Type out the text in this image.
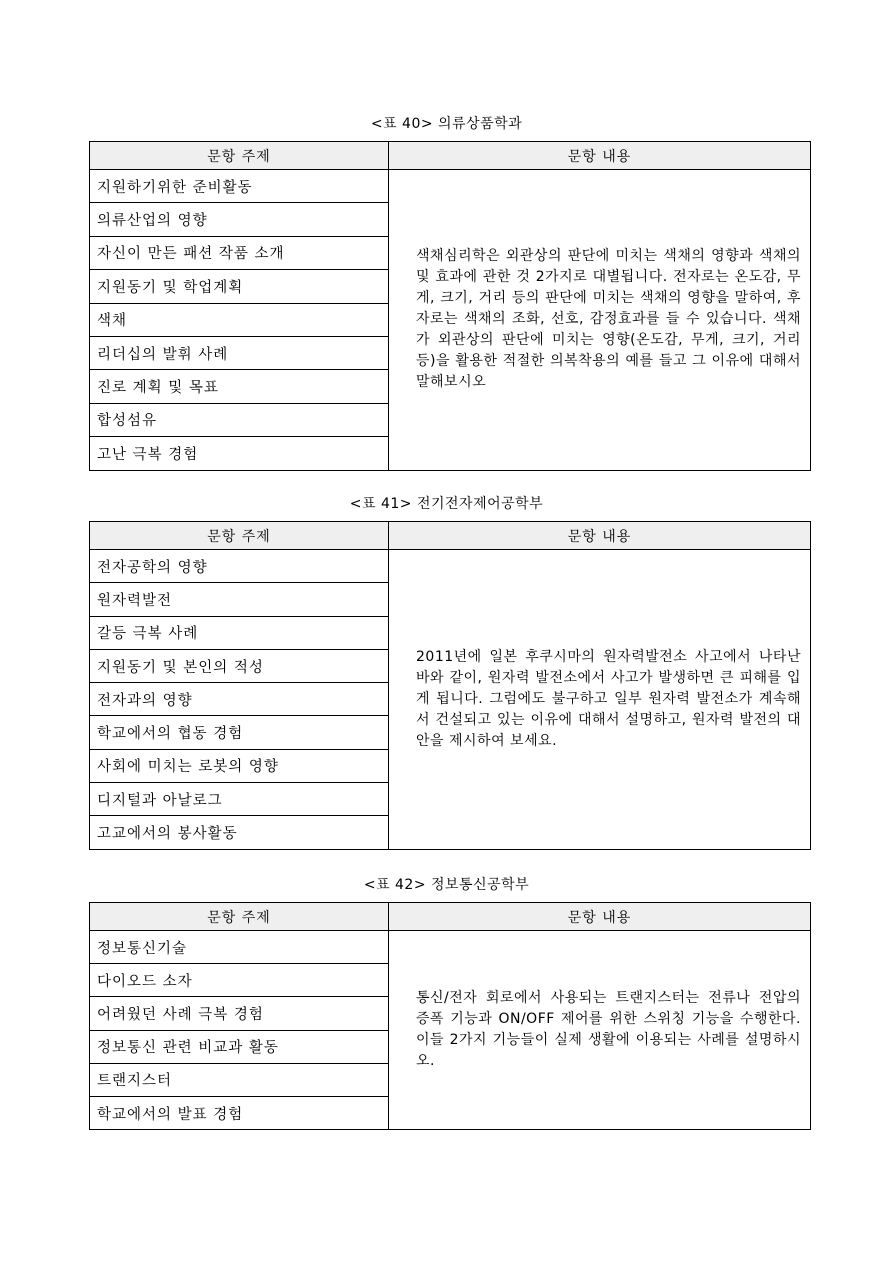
<표 40> 의류상품학과
문항 주제	문항 내용
지원하기위한 준비활동	색채심리학은 외관상의 판단에 미치는 색채의 영향과 색채의 및 효과에 관한 것 2가지로 대별됩니다. 전자로는 온도감, 무게, 크기, 거리 등의 판단에 미치는 색채의 영향을 말하여, 후자로는 색채의 조화, 선호, 감정효과를 들 수 있습니다. 색채가 외관상의 판단에 미치는 영향(온도감, 무게, 크기, 거리 등)을 활용한 적절한 의복착용의 예를 들고 그 이유에 대해서 말해보시오
의류산업의 영향	
자신이 만든 패션 작품 소개	
지원동기 및 학업계획	
색채	
리더십의 발휘 사례	
진로 계획 및 목표	
합성섬유	
고난 극복 경험	
<표 41> 전기전자제어공학부
문항 주제	문항 내용
전자공학의 영향	2011년에 일본 후쿠시마의 원자력발전소 사고에서 나타난 바와 같이, 원자력 발전소에서 사고가 발생하면 큰 피해를 입게 됩니다. 그럼에도 불구하고 일부 원자력 발전소가 계속해서 건설되고 있는 이유에 대해서 설명하고, 원자력 발전의 대안을 제시하여 보세요.
원자력발전	
갈등 극복 사례	
지원동기 및 본인의 적성	
전자과의 영향	
학교에서의 협동 경험	
사회에 미치는 로봇의 영향	
디지털과 아날로그	
고교에서의 봉사활동	
<표 42> 정보통신공학부
문항 주제	문항 내용
정보통신기술	통신/전자 회로에서 사용되는 트랜지스터는 전류나 전압의 증폭 기능과 ON/OFF 제어를 위한 스위칭 기능을 수행한다. 이들 2가지 기능들이 실제 생활에 이용되는 사례를 설명하시오.
다이오드 소자	
어려웠던 사례 극복 경험	
정보통신 관련 비교과 활동	
트랜지스터	
학교에서의 발표 경험	
